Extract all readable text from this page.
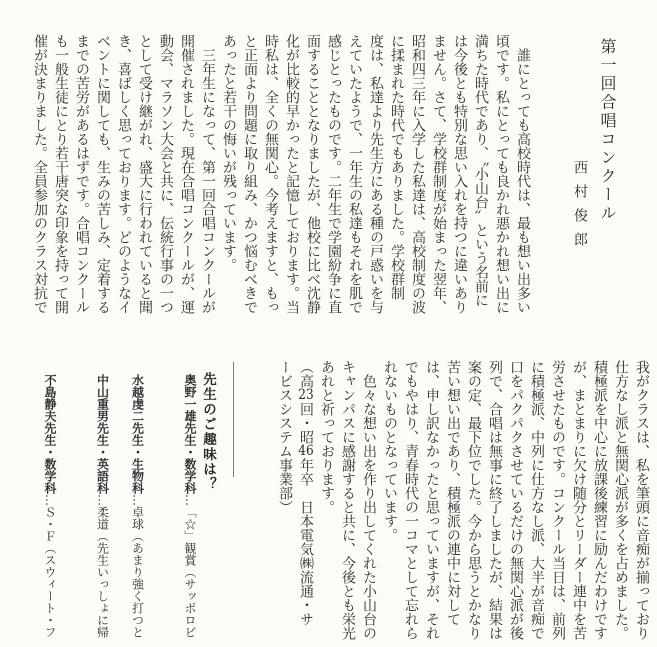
第一回合唱コンクール
西村俊郎
　誰にとっても高校時代は、最も想い出多い
頃です。私にとっても良かれ悪かれ想い出に
満ちた時代であり、〝小山台〟という名前に
は今後とも特別な思い入れを持つに違いあり
ません。さて、学校群制度が始まった翌年、
昭和四三年に入学した私達は、高校制度の波
に揉まれた時代でもありました。学校群制
度は、私達より先生方にある種の戸惑いを与
えていたようで、一年生の私達もそれを肌で
感じとったものです。二年生で学園紛争に直
面することとなりましたが、他校に比べ沈静
化が比較的早かったと記憶しております。当
時私は、全くの無関心。今考えますと、もっ
と正面より問題に取り組み、かつ悩むべきで
あったと若干の悔いが残っています。
　三年生になって、第一回合唱コンクールが
開催されました。現在合唱コンクールが、運
動会、マラソン大会と共に、伝統行事の一つ
として受け継がれ、盛大に行われていると聞
き、喜ばしく思っております。どのようなイ
ベントに関しても、生みの苦しみ、定着する
までの苦労があるはずです。合唱コンクール
も一般生徒にとり若干唐突な印象を持って開
催が決まりました。全員参加のクラス対抗で
我がクラスは、私を筆頭に音痴が揃っており
仕方なし派と無関心派が多くを占めました。
積極派を中心に放課後練習に励んだわけです
が、まとまりに欠け随分とリーダー連中を苦
労させたものです。コンクール当日は、前列
に積極派、中列に仕方なし派、大半が音痴で
口をパクパクさせているだけの無関心派が後
列で、合唱は無事に終了しましたが、結果は
案の定、最下位でした。今から思うとかなり
苦い想い出であり、積極派の連中に対して
は、申し訳なかったと思っていますが、それ
でもやはり、青春時代の一コマとして忘れら
れないものとなっています。
　色々な想い出を作り出してくれた小山台の
キャンパスに感謝すると共に、今後とも栄光
あれと祈っております。
（高23回・昭46年卒　日本電気㈱流通・サ
ービスシステム事業部）
先生のご趣味は？
奥野一雄先生・数学科…「☆」観賞（サッポロビ
水越虔二先生・生物科…卓球（あまり強く打つと
中山重男先生・英語科…柔道（先生いっしょに帰
不島静夫先生・数学科…Ｓ・Ｆ（スウィート・フ
